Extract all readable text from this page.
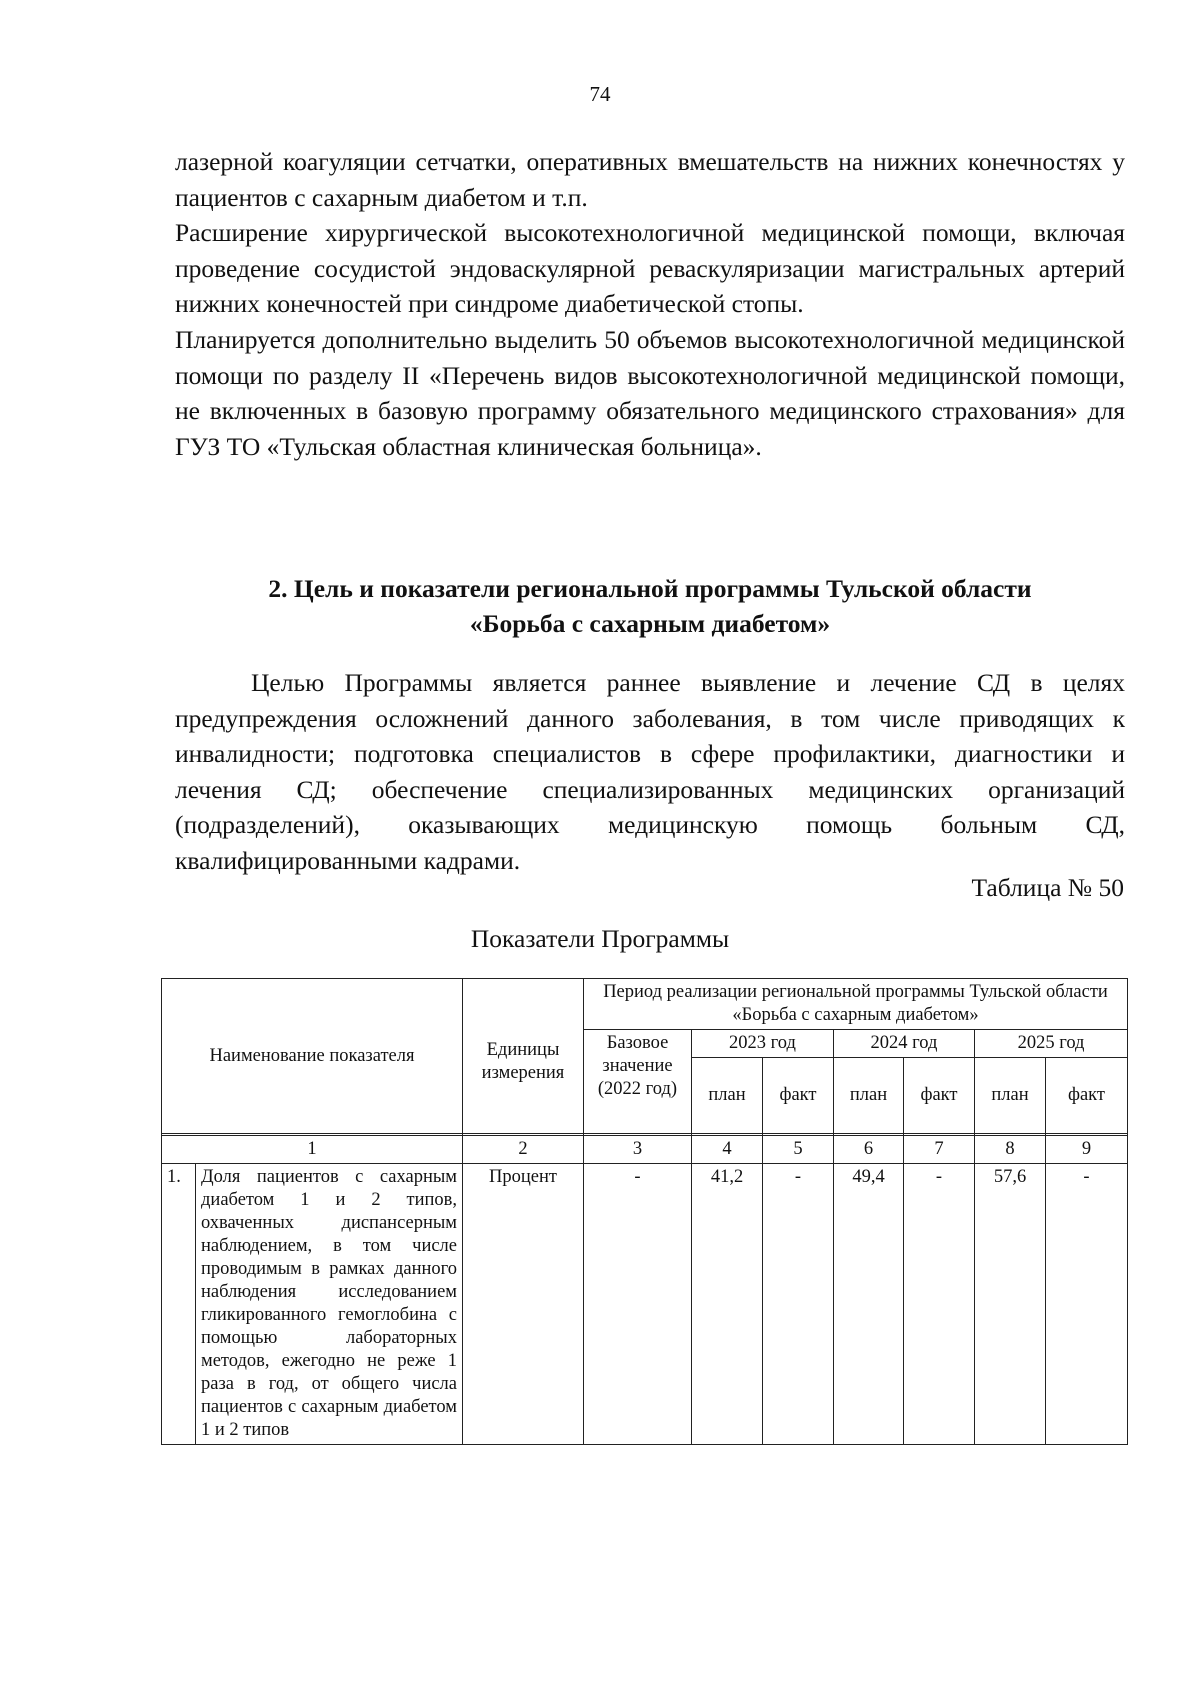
74

лазерной коагуляции сетчатки, оперативных вмешательств на нижних конечностях у пациентов с сахарным диабетом и т.п.

Расширение хирургической высокотехнологичной медицинской помощи, включая проведение сосудистой эндоваскулярной реваскуляризации магистральных артерий нижних конечностей при синдроме диабетической стопы.

Планируется дополнительно выделить 50 объемов высокотехнологичной медицинской помощи по разделу II «Перечень видов высокотехнологичной медицинской помощи, не включенных в базовую программу обязательного медицинского страхования» для ГУЗ ТО «Тульская областная клиническая больница».

2. Цель и показатели региональной программы Тульской области
«Борьба с сахарным диабетом»

Целью Программы является раннее выявление и лечение СД в целях предупреждения осложнений данного заболевания, в том числе приводящих к инвалидности; подготовка специалистов в сфере профилактики, диагностики и лечения СД; обеспечение специализированных медицинских организаций (подразделений), оказывающих медицинскую помощь больным СД, квалифицированными кадрами.

Таблица № 50
Показатели Программы
Наименование показателя		Единицы измерения	Период реализации региональной программы Тульской области «Борьба с сахарным диабетом»						
			Базовое значение (2022 год)	2023 год		2024 год		2025 год	
				план	факт	план	факт	план	факт

1		2	3	4	5	6	7	8	9
1.	Доля пациентов с сахарным диабетом 1 и 2 типов, охваченных диспансерным наблюдением, в том числе проводимым в рамках данного наблюдения исследованием гликированного гемоглобина с помощью лабораторных методов, ежегодно не реже 1 раза в год, от общего числа пациентов с сахарным диабетом 1 и 2 типов	Процент	-	41,2	-	49,4	-	57,6	-
